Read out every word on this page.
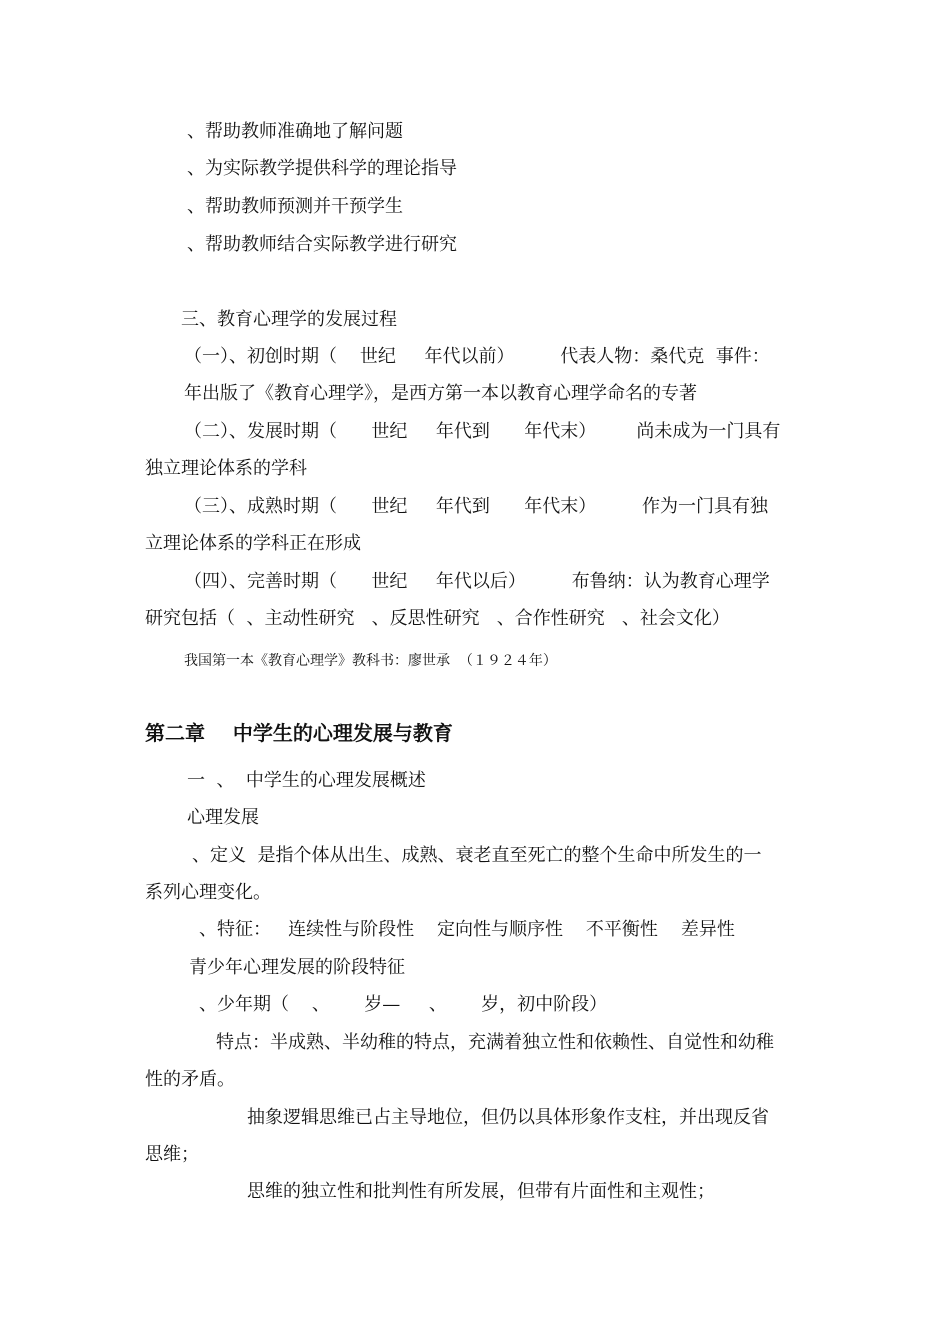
、帮助教师准确地了解问题
、为实际教学提供科学的理论指导
、帮助教师预测并干预学生
、帮助教师结合实际教学进行研究
三、教育心理学的发展过程
（一）、初创时期（    世纪     年代以前）        代表人物：桑代克  事件：
年出版了《教育心理学》，是西方第一本以教育心理学命名的专著
（二）、发展时期（      世纪     年代到      年代末）       尚未成为一门具有
独立理论体系的学科
（三）、成熟时期（      世纪     年代到      年代末）        作为一门具有独
立理论体系的学科正在形成
（四）、完善时期（      世纪     年代以后）        布鲁纳：认为教育心理学
研究包括（  、主动性研究   、反思性研究   、合作性研究   、社会文化）
我国第一本《教育心理学》教科书：廖世承  （１９２４年）
第二章    中学生的心理发展与教育
一  、  中学生的心理发展概述
心理发展
、定义  是指个体从出生、成熟、衰老直至死亡的整个生命中所发生的一
系列心理变化。
、特征：   连续性与阶段性    定向性与顺序性    不平衡性    差异性
青少年心理发展的阶段特征
、少年期（    、      岁—     、      岁，初中阶段）
特点：半成熟、半幼稚的特点，充满着独立性和依赖性、自觉性和幼稚
性的矛盾。
抽象逻辑思维已占主导地位，但仍以具体形象作支柱，并出现反省
思维；
思维的独立性和批判性有所发展，但带有片面性和主观性；
